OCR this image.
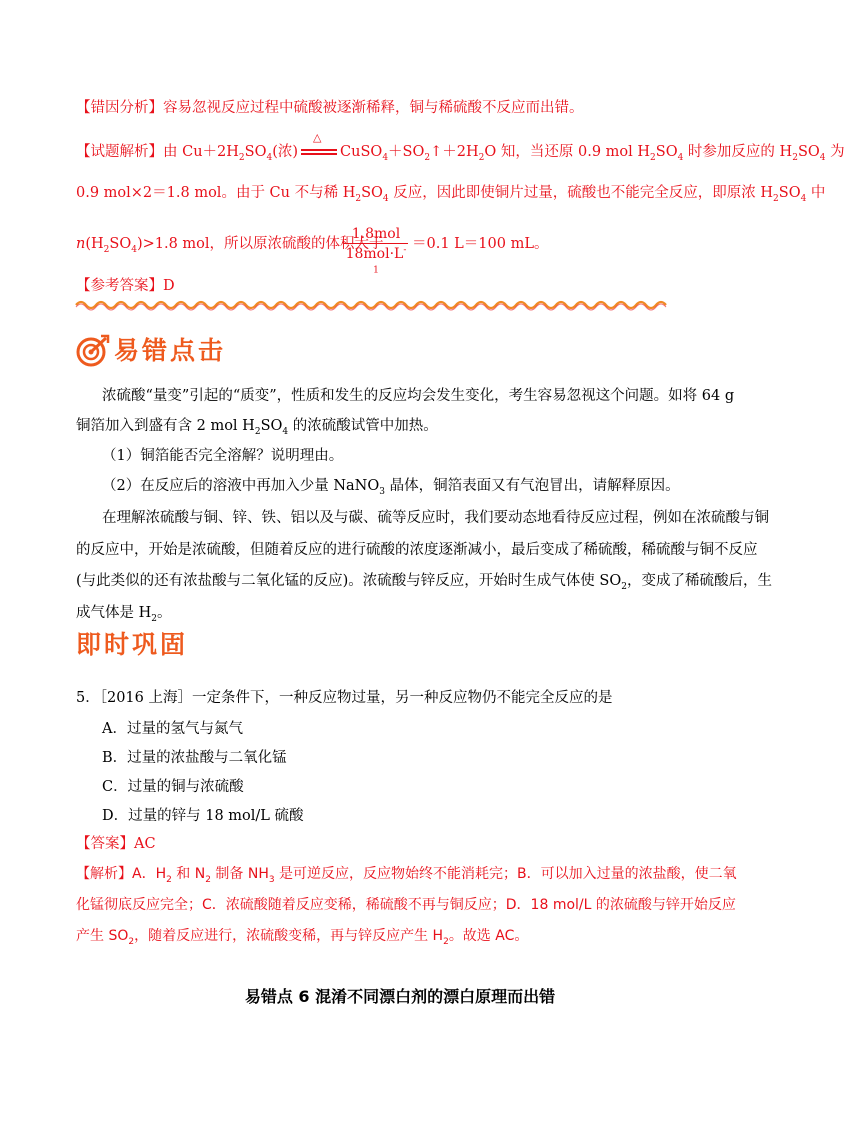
【错因分析】容易忽视反应过程中硫酸被逐渐稀释，铜与稀硫酸不反应而出错。
【试题解析】由 $Cu+2H_2SO_4$(浓)
△
$CuSO_4+SO_2↑+2H_2O$ 知，当还原 0.9 mol $H_2SO_4$ 时参加反应的 $H_2SO_4$ 为
0.9 mol×2＝1.8 mol。由于 Cu 不与稀 $H_2SO_4$ 反应，因此即使铜片过量，硫酸也不能完全反应，即原浓 $H_2SO_4$ 中
$n(H_2SO_4)>1.8$ mol，所以原浓硫酸的体积大于
1.8mol
$18mol\cdot L^{-1}$
＝0.1 L＝100 mL。
【参考答案】D
易错点击
浓硫酸“量变”引起的“质变”，性质和发生的反应均会发生变化，考生容易忽视这个问题。如将 64 g
铜箔加入到盛有含 2 mol $H_2SO_4$ 的浓硫酸试管中加热。
（1）铜箔能否完全溶解？说明理由。
（2）在反应后的溶液中再加入少量 NaNO$_3$ 晶体，铜箔表面又有气泡冒出，请解释原因。
在理解浓硫酸与铜、锌、铁、铝以及与碳、硫等反应时，我们要动态地看待反应过程，例如在浓硫酸与铜
的反应中，开始是浓硫酸，但随着反应的进行硫酸的浓度逐渐减小，最后变成了稀硫酸，稀硫酸与铜不反应
(与此类似的还有浓盐酸与二氧化锰的反应)。浓硫酸与锌反应，开始时生成气体使 $SO_2$，变成了稀硫酸后，生
成气体是 $H_2$。
即时巩固
5．［2016 上海］一定条件下，一种反应物过量，另一种反应物仍不能完全反应的是
A．过量的氢气与氮气
B．过量的浓盐酸与二氧化锰
C．过量的铜与浓硫酸
D．过量的锌与 18 mol/L 硫酸
【答案】AC
【解析】A．$H_2$ 和 $N_2$ 制备 $NH_3$ 是可逆反应，反应物始终不能消耗完；B．可以加入过量的浓盐酸，使二氧
化锰彻底反应完全；C．浓硫酸随着反应变稀，稀硫酸不再与铜反应；D．18 mol/L 的浓硫酸与锌开始反应
产生 $SO_2$，随着反应进行，浓硫酸变稀，再与锌反应产生 $H_2$。故选 AC。
易错点 6 混淆不同漂白剂的漂白原理而出错
